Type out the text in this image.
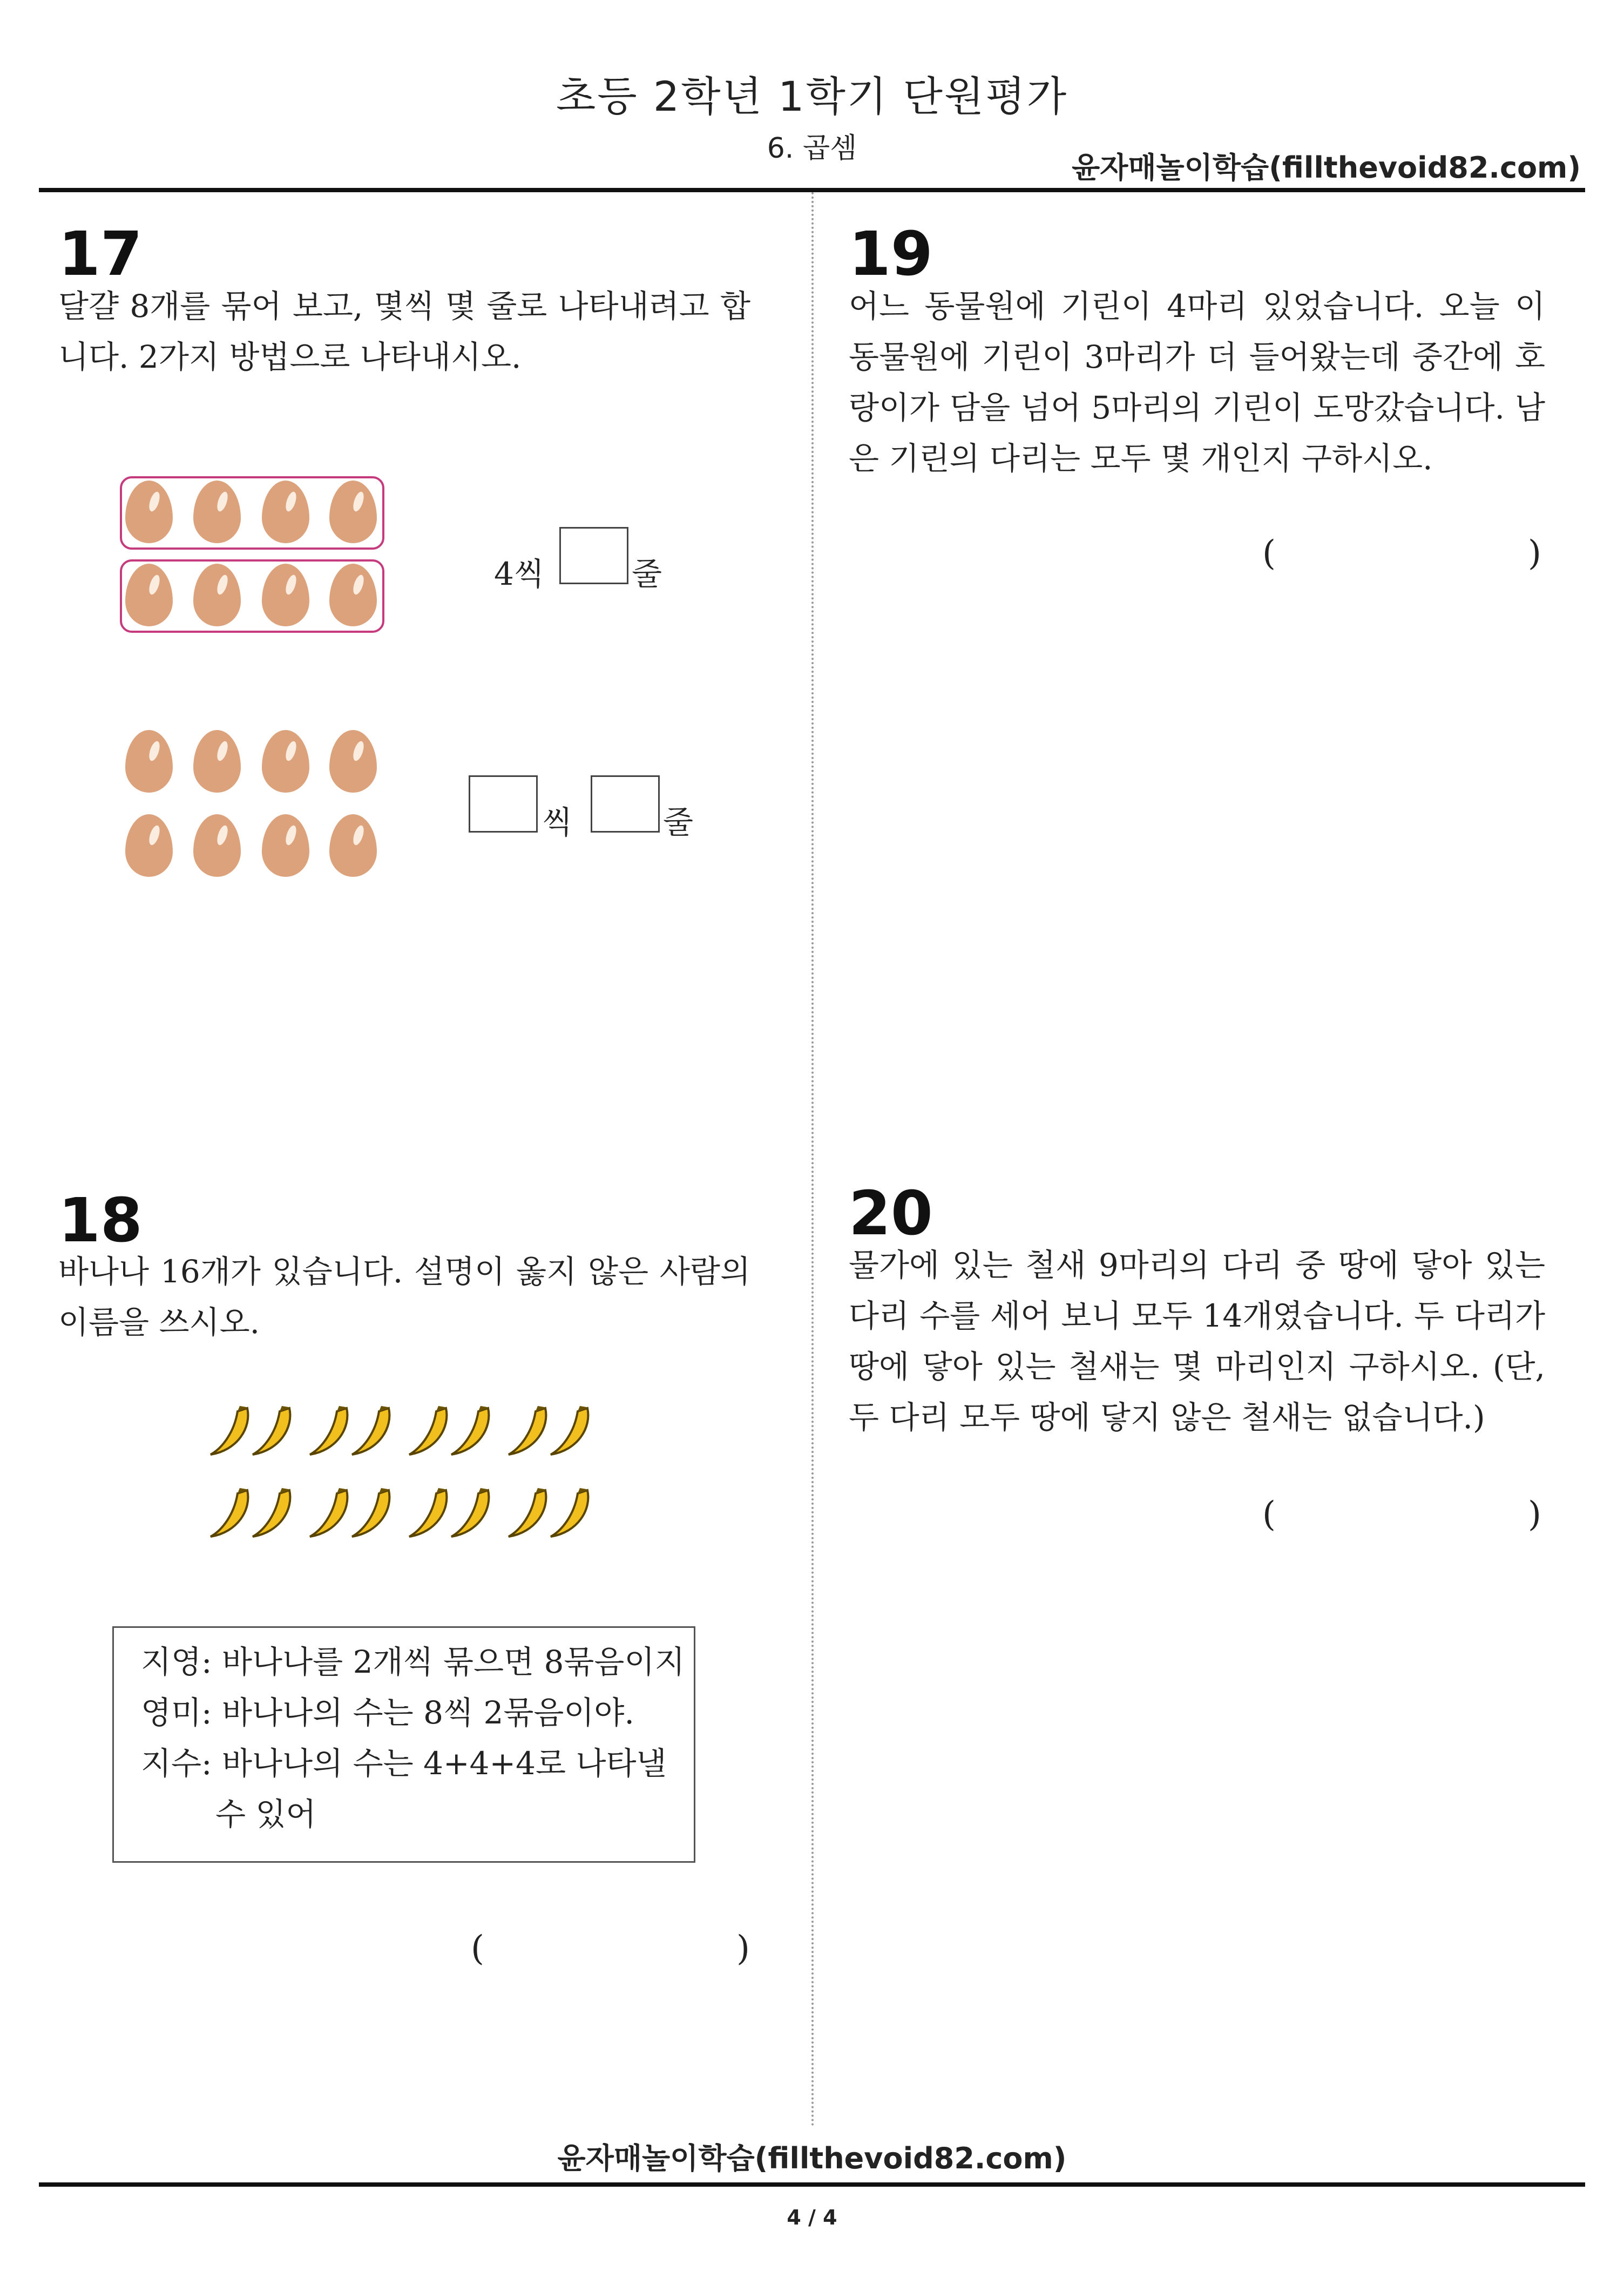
초등 2학년 1학기 단원평가
6. 곱셈
윤자매놀이학습(fillthevoid82.com)
17
달걀 8개를 묶어 보고, 몇씩 몇 줄로 나타내려고 합니다. 2가지 방법으로 나타내시오.
4씩	줄
씩	줄
18
바나나 16개가 있습니다. 설명이 옳지 않은 사람의 이름을 쓰시오.
지영: 바나나를 2개씩 묶으면 8묶음이지
영미: 바나나의 수는 8씩 2묶음이야.
지수: 바나나의 수는 4+4+4로 나타낼
수 있어
(	)
19
어느 동물원에 기린이 4마리 있었습니다. 오늘 이 동물원에 기린이 3마리가 더 들어왔는데 중간에 호랑이가 담을 넘어 5마리의 기린이 도망갔습니다. 남은 기린의 다리는 모두 몇 개인지 구하시오.
(	)
20
물가에 있는 철새 9마리의 다리 중 땅에 닿아 있는 다리 수를 세어 보니 모두 14개였습니다. 두 다리가 땅에 닿아 있는 철새는 몇 마리인지 구하시오. (단, 두 다리 모두 땅에 닿지 않은 철새는 없습니다.)
(	)
윤자매놀이학습(fillthevoid82.com)
4 / 4
